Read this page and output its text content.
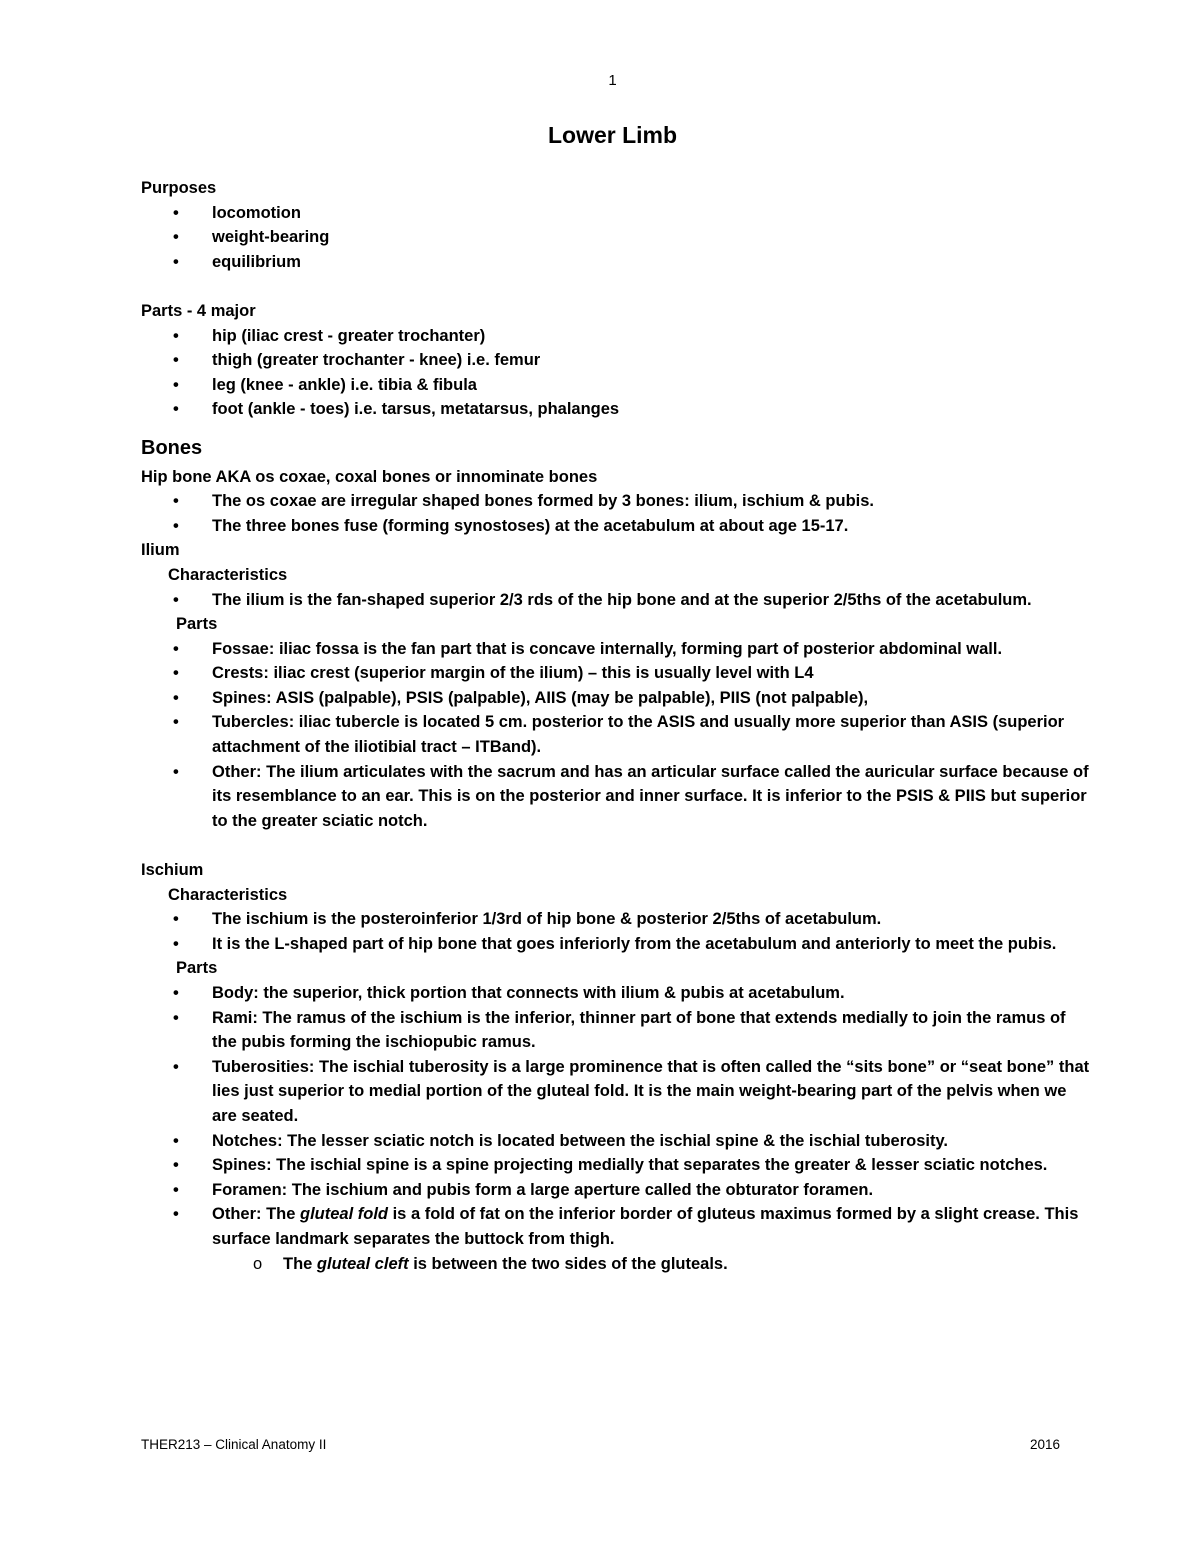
1
Lower Limb
Purposes
• locomotion
• weight-bearing
• equilibrium
Parts - 4 major
• hip (iliac crest - greater trochanter)
• thigh (greater trochanter - knee) i.e. femur
• leg (knee - ankle) i.e. tibia & fibula
• foot (ankle - toes) i.e. tarsus, metatarsus, phalanges
Bones
Hip bone AKA os coxae, coxal bones or innominate bones
• The os coxae are irregular shaped bones formed by 3 bones: ilium, ischium & pubis.
• The three bones fuse (forming synostoses) at the acetabulum at about age 15-17.
Ilium
Characteristics
• The ilium is the fan-shaped superior 2/3 rds of the hip bone and at the superior 2/5ths of the acetabulum.
Parts
• Fossae: iliac fossa is the fan part that is concave internally, forming part of posterior abdominal wall.
• Crests: iliac crest (superior margin of the ilium) – this is usually level with L4
• Spines: ASIS (palpable), PSIS (palpable), AIIS (may be palpable), PIIS (not palpable),
• Tubercles: iliac tubercle is located 5 cm. posterior to the ASIS and usually more superior than ASIS (superior attachment of the iliotibial tract – ITBand).
• Other: The ilium articulates with the sacrum and has an articular surface called the auricular surface because of its resemblance to an ear. This is on the posterior and inner surface. It is inferior to the PSIS & PIIS but superior to the greater sciatic notch.
Ischium
Characteristics
• The ischium is the posteroinferior 1/3rd of hip bone & posterior 2/5ths of acetabulum.
• It is the L-shaped part of hip bone that goes inferiorly from the acetabulum and anteriorly to meet the pubis.
Parts
• Body: the superior, thick portion that connects with ilium & pubis at acetabulum.
• Rami: The ramus of the ischium is the inferior, thinner part of bone that extends medially to join the ramus of the pubis forming the ischiopubic ramus.
• Tuberosities: The ischial tuberosity is a large prominence that is often called the “sits bone” or “seat bone” that lies just superior to medial portion of the gluteal fold. It is the main weight-bearing part of the pelvis when we are seated.
• Notches: The lesser sciatic notch is located between the ischial spine & the ischial tuberosity.
• Spines: The ischial spine is a spine projecting medially that separates the greater & lesser sciatic notches.
• Foramen: The ischium and pubis form a large aperture called the obturator foramen.
• Other: The gluteal fold is a fold of fat on the inferior border of gluteus maximus formed by a slight crease. This surface landmark separates the buttock from thigh.
o The gluteal cleft is between the two sides of the gluteals.
THER213 – Clinical Anatomy II	2016
